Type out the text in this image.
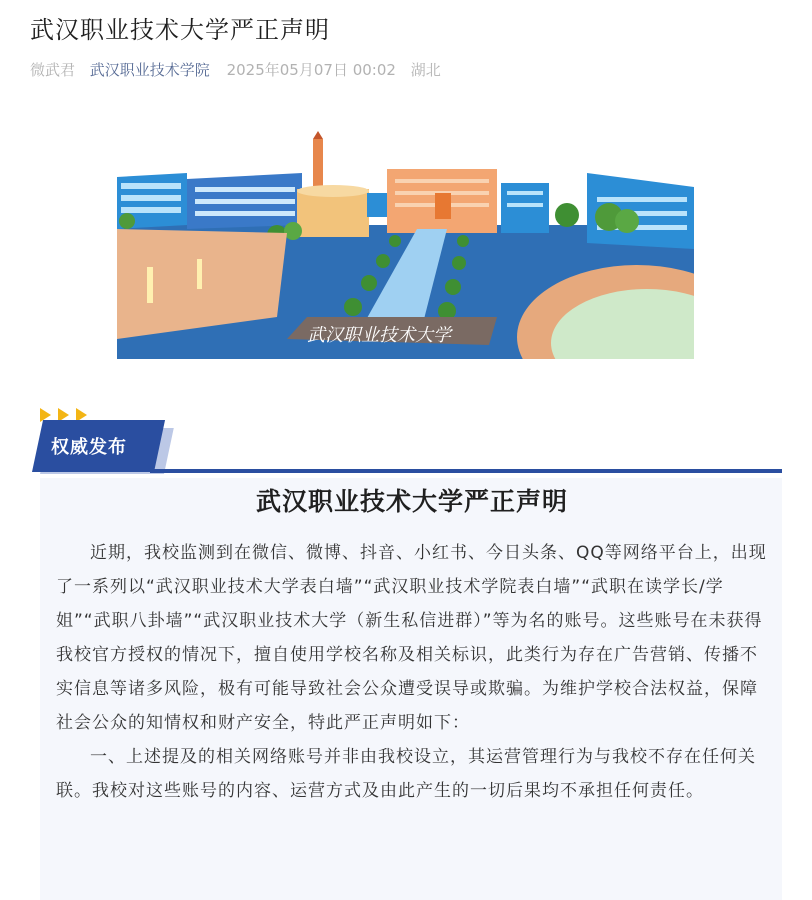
武汉职业技术大学严正声明
微武君 武汉职业技术学院 2025年05月07日 00:02 湖北
武汉职业技术大学
权威发布
武汉职业技术大学严正声明

近期，我校监测到在微信、微博、抖音、小红书、今日头条、QQ等网络平台上，出现了一系列以“武汉职业技术大学表白墙”“武汉职业技术学院表白墙”“武职在读学长/学姐”“武职八卦墙”“武汉职业技术大学（新生私信进群）”等为名的账号。这些账号在未获得我校官方授权的情况下，擅自使用学校名称及相关标识，此类行为存在广告营销、传播不实信息等诸多风险，极有可能导致社会公众遭受误导或欺骗。为维护学校合法权益，保障社会公众的知情权和财产安全，特此严正声明如下：

一、上述提及的相关网络账号并非由我校设立，其运营管理行为与我校不存在任何关联。我校对这些账号的内容、运营方式及由此产生的一切后果均不承担任何责任。
